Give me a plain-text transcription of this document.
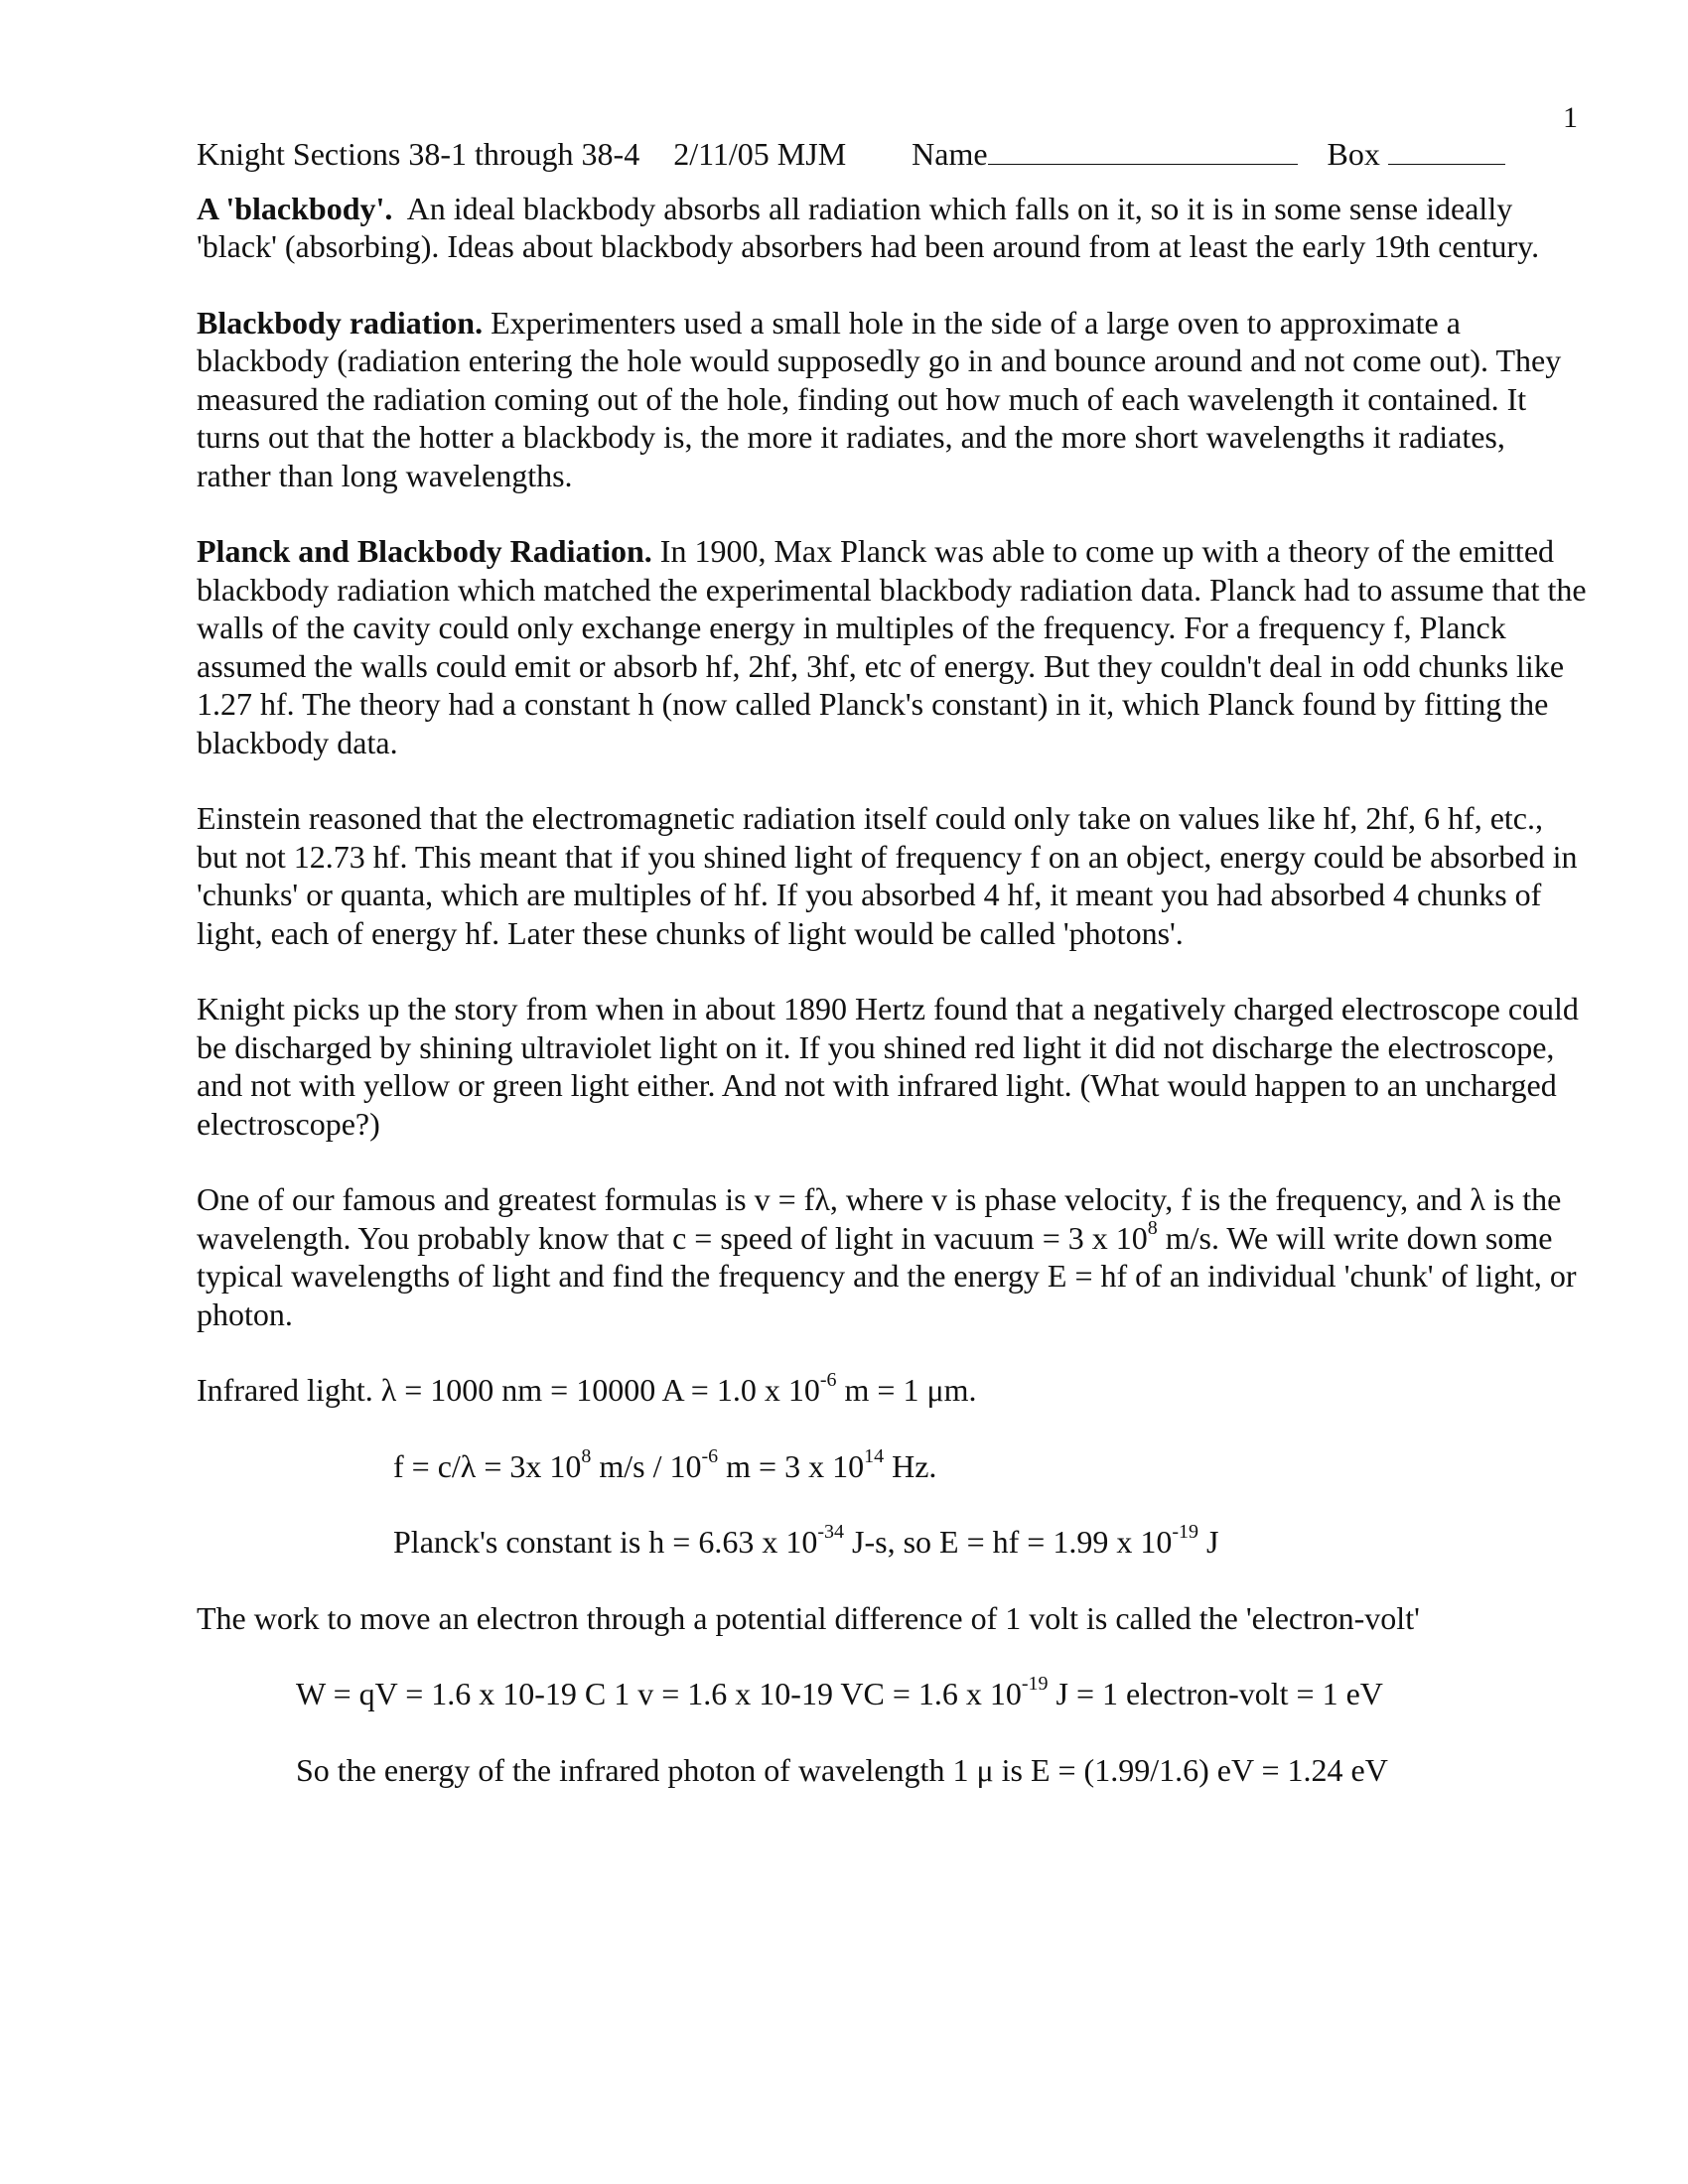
1
Knight Sections 38-1 through 38-4 2/11/05 MJM Name	Box

A 'blackbody'. An ideal blackbody absorbs all radiation which falls on it, so it is in some sense ideally 'black' (absorbing). Ideas about blackbody absorbers had been around from at least the early 19th century.

Blackbody radiation. Experimenters used a small hole in the side of a large oven to approximate a blackbody (radiation entering the hole would supposedly go in and bounce around and not come out). They measured the radiation coming out of the hole, finding out how much of each wavelength it contained. It turns out that the hotter a blackbody is, the more it radiates, and the more short wavelengths it radiates, rather than long wavelengths.

Planck and Blackbody Radiation. In 1900, Max Planck was able to come up with a theory of the emitted blackbody radiation which matched the experimental blackbody radiation data. Planck had to assume that the walls of the cavity could only exchange energy in multiples of the frequency. For a frequency f, Planck assumed the walls could emit or absorb hf, 2hf, 3hf, etc of energy. But they couldn't deal in odd chunks like 1.27 hf. The theory had a constant h (now called Planck's constant) in it, which Planck found by fitting the blackbody data.

Einstein reasoned that the electromagnetic radiation itself could only take on values like hf, 2hf, 6 hf, etc., but not 12.73 hf. This meant that if you shined light of frequency f on an object, energy could be absorbed in 'chunks' or quanta, which are multiples of hf. If you absorbed 4 hf, it meant you had absorbed 4 chunks of light, each of energy hf. Later these chunks of light would be called 'photons'.

Knight picks up the story from when in about 1890 Hertz found that a negatively charged electroscope could be discharged by shining ultraviolet light on it. If you shined red light it did not discharge the electroscope, and not with yellow or green light either. And not with infrared light. (What would happen to an uncharged electroscope?)

One of our famous and greatest formulas is v = fλ, where v is phase velocity, f is the frequency, and λ is the wavelength. You probably know that c = speed of light in vacuum = 3 x $10^8$ m/s. We will write down some typical wavelengths of light and find the frequency and the energy E = hf of an individual 'chunk' of light, or photon.

Infrared light. λ = 1000 nm = 10000 A = 1.0 x $10^{-6}$ m = 1 μm.
f = c/λ = 3x $10^8$ $m/s / 10^{-6}$ m = 3 x $10^{14}$ Hz.
Planck's constant is h = 6.63 x $10^{-34}$ J-s, so E = hf = 1.99 x $10^{-19}$ J
The work to move an electron through a potential difference of 1 volt is called the 'electron-volt'
W = qV = 1.6 x 10-19 C 1 v = 1.6 x 10-19 VC = 1.6 x $10^{-19}$ J = 1 electron-volt = 1 eV
So the energy of the infrared photon of wavelength 1 μ is E = (1.99/1.6) eV = 1.24 eV
